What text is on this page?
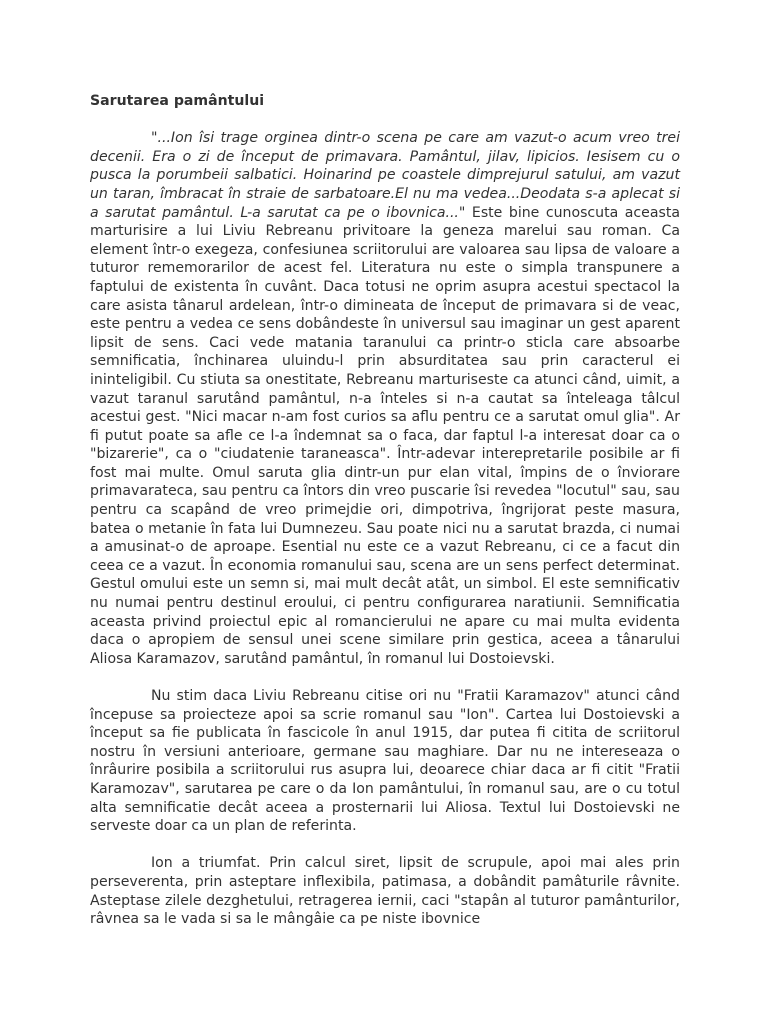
Sarutarea pamântului

"...Ion îsi trage orginea dintr-o scena pe care am vazut-o acum vreo trei decenii. Era o zi de început de primavara. Pamântul, jilav, lipicios. Iesisem cu o pusca la porumbeii salbatici. Hoinarind pe coastele dimprejurul satului, am vazut un taran, îmbracat în straie de sarbatoare.El nu ma vedea...Deodata s-a aplecat si a sarutat pamântul. L-a sarutat ca pe o ibovnica..." Este bine cunoscuta aceasta marturisire a lui Liviu Rebreanu privitoare la geneza marelui sau roman. Ca element într-o exegeza, confesiunea scriitorului are valoarea sau lipsa de valoare a tuturor rememorarilor de acest fel. Literatura nu este o simpla transpunere a faptului de existenta în cuvânt. Daca totusi ne oprim asupra acestui spectacol la care asista tânarul ardelean, într-o dimineata de început de primavara si de veac, este pentru a vedea ce sens dobândeste în universul sau imaginar un gest aparent lipsit de sens. Caci vede matania taranului ca printr-o sticla care absoarbe semnificatia, închinarea uluindu-l prin absurditatea sau prin caracterul ei ininteligibil. Cu stiuta sa onestitate, Rebreanu marturiseste ca atunci când, uimit, a vazut taranul sarutând pamântul, n-a înteles si n-a cautat sa înteleaga tâlcul acestui gest. "Nici macar n-am fost curios sa aflu pentru ce a sarutat omul glia". Ar fi putut poate sa afle ce l-a îndemnat sa o faca, dar faptul l-a interesat doar ca o "bizarerie", ca o "ciudatenie taraneasca". Într-adevar interepretarile posibile ar fi fost mai multe. Omul saruta glia dintr-un pur elan vital, împins de o înviorare primavarateca, sau pentru ca întors din vreo puscarie îsi revedea "locutul" sau, sau pentru ca scapând de vreo primejdie ori, dimpotriva, îngrijorat peste masura, batea o metanie în fata lui Dumnezeu. Sau poate nici nu a sarutat brazda, ci numai a amusinat-o de aproape. Esential nu este ce a vazut Rebreanu, ci ce a facut din ceea ce a vazut. În economia romanului sau, scena are un sens perfect determinat. Gestul omului este un semn si, mai mult decât atât, un simbol. El este semnificativ nu numai pentru destinul eroului, ci pentru configurarea naratiunii. Semnificatia aceasta privind proiectul epic al romancierului ne apare cu mai multa evidenta daca o apropiem de sensul unei scene similare prin gestica, aceea a tânarului Aliosa Karamazov, sarutând pamântul, în romanul lui Dostoievski.

Nu stim daca Liviu Rebreanu citise ori nu "Fratii Karamazov" atunci când începuse sa proiecteze apoi sa scrie romanul sau "Ion". Cartea lui Dostoievski a început sa fie publicata în fascicole în anul 1915, dar putea fi citita de scriitorul nostru în versiuni anterioare, germane sau maghiare. Dar nu ne intereseaza o înrâurire posibila a scriitorului rus asupra lui, deoarece chiar daca ar fi citit "Fratii Karamozav", sarutarea pe care o da Ion pamântului, în romanul sau, are o cu totul alta semnificatie decât aceea a prosternarii lui Aliosa. Textul lui Dostoievski ne serveste doar ca un plan de referinta.

Ion a triumfat. Prin calcul siret, lipsit de scrupule, apoi mai ales prin perseverenta, prin asteptare inflexibila, patimasa, a dobândit pamâturile râvnite. Asteptase zilele dezghetului, retragerea iernii, caci "stapân al tuturor pamânturilor, râvnea sa le vada si sa le mângâie ca pe niste ibovnice
